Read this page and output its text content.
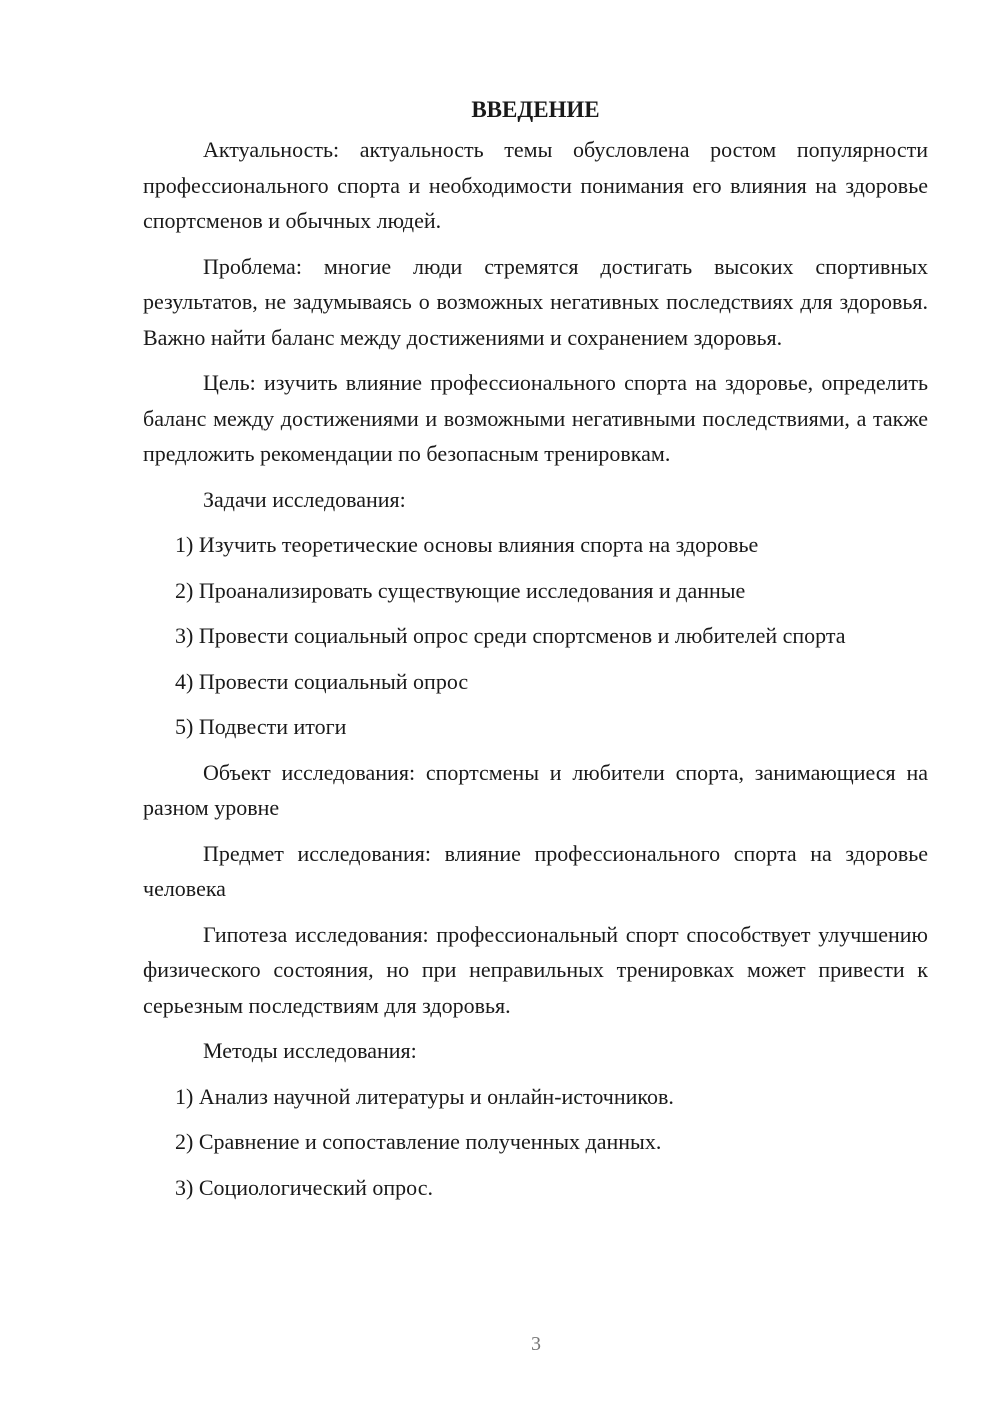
ВВЕДЕНИЕ

Актуальность: актуальность темы обусловлена ростом популярности профессионального спорта и необходимости понимания его влияния на здоровье спортсменов и обычных людей.

Проблема: многие люди стремятся достигать высоких спортивных результатов, не задумываясь о возможных негативных последствиях для здоровья. Важно найти баланс между достижениями и сохранением здоровья.

Цель: изучить влияние профессионального спорта на здоровье, определить баланс между достижениями и возможными негативными последствиями, а также предложить рекомендации по безопасным тренировкам.

Задачи исследования:

1) Изучить теоретические основы влияния спорта на здоровье

2) Проанализировать существующие исследования и данные

3) Провести социальный опрос среди спортсменов и любителей спорта

4) Провести социальный опрос

5) Подвести итоги

Объект исследования: спортсмены и любители спорта, занимающиеся на разном уровне

Предмет исследования: влияние профессионального спорта на здоровье человека

Гипотеза исследования: профессиональный спорт способствует улучшению физического состояния, но при неправильных тренировках может привести к серьезным последствиям для здоровья.

Методы исследования:

1) Анализ научной литературы и онлайн-источников.

2) Сравнение и сопоставление полученных данных.

3) Социологический опрос.

3
